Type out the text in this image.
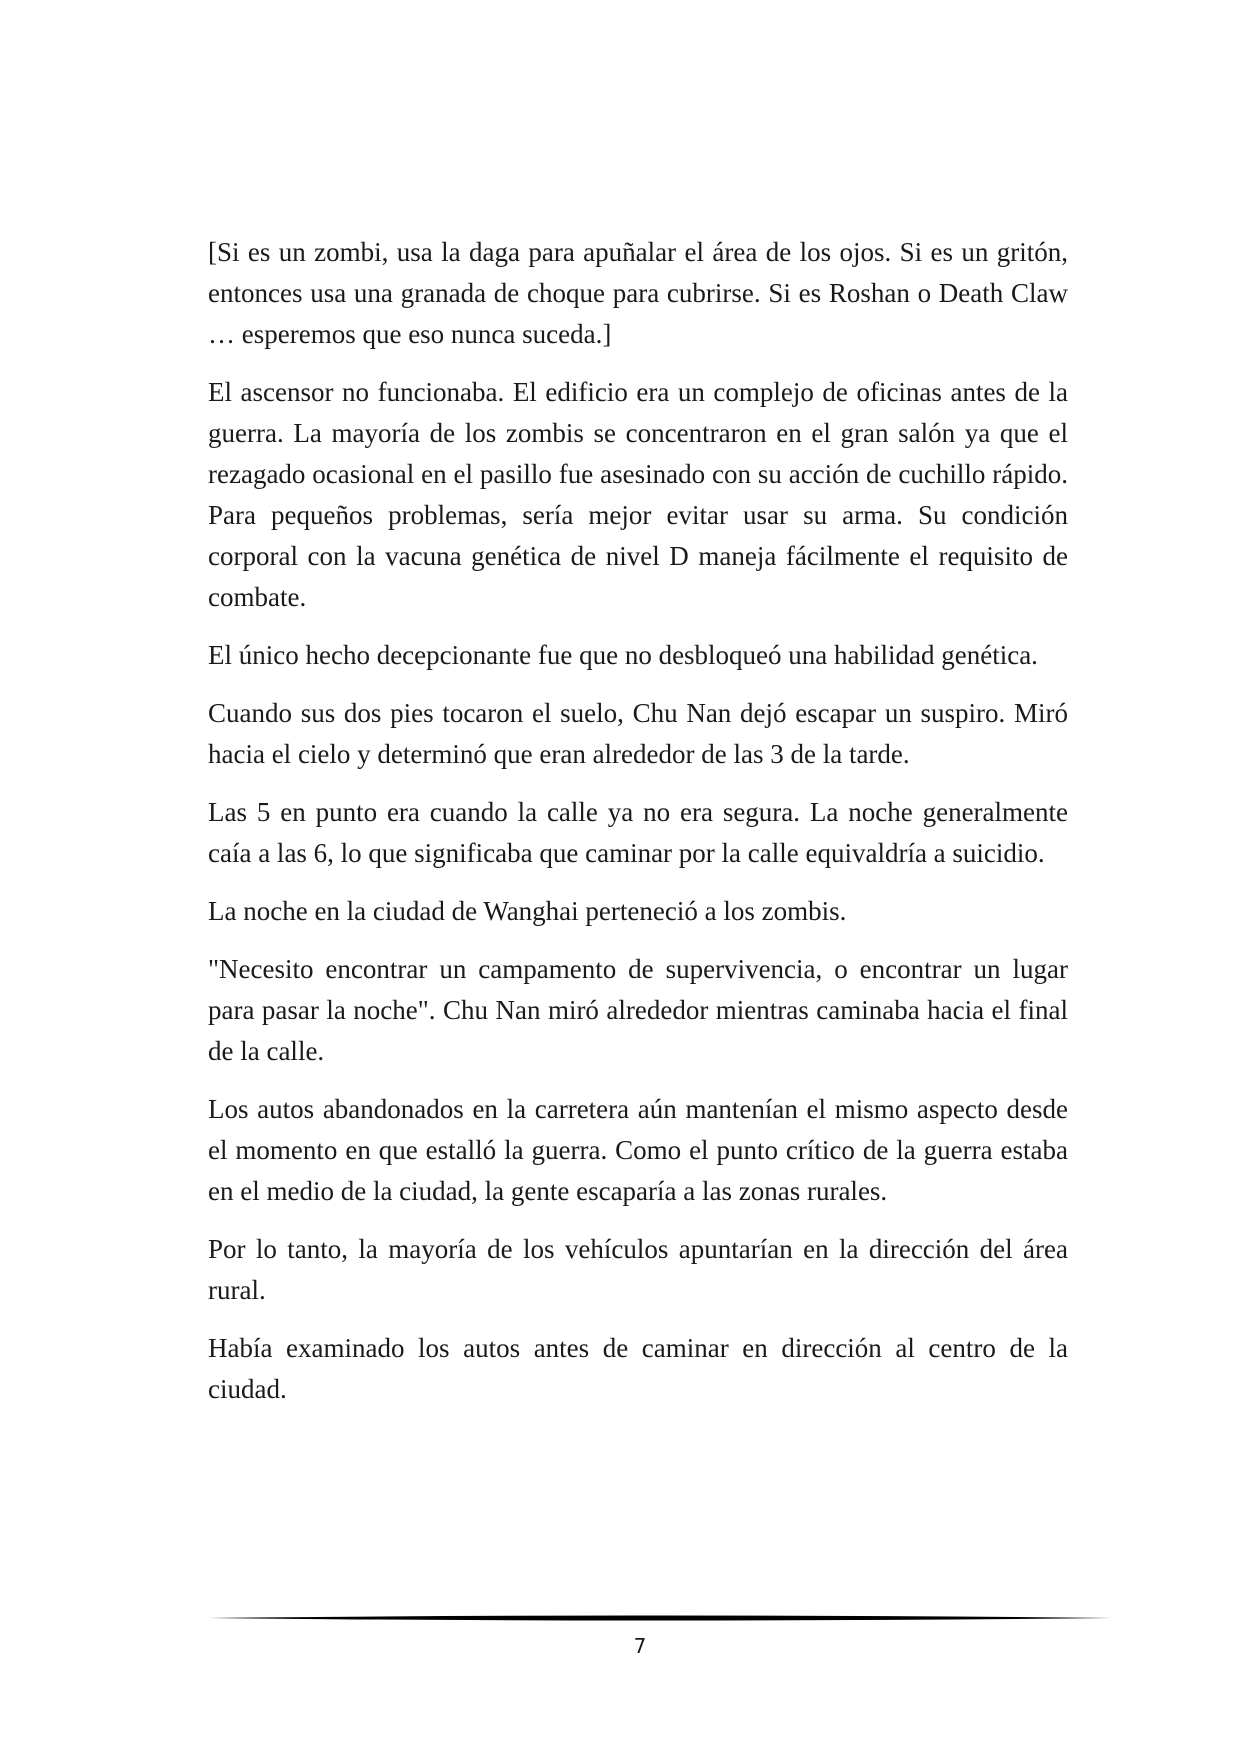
[Si es un zombi, usa la daga para apuñalar el área de los ojos. Si es un gritón, entonces usa una granada de choque para cubrirse. Si es Roshan o Death Claw … esperemos que eso nunca suceda.]

El ascensor no funcionaba. El edificio era un complejo de oficinas antes de la guerra. La mayoría de los zombis se concentraron en el gran salón ya que el rezagado ocasional en el pasillo fue asesinado con su acción de cuchillo rápido. Para pequeños problemas, sería mejor evitar usar su arma. Su condición corporal con la vacuna genética de nivel D maneja fácilmente el requisito de combate.

El único hecho decepcionante fue que no desbloqueó una habilidad genética.

Cuando sus dos pies tocaron el suelo, Chu Nan dejó escapar un suspiro. Miró hacia el cielo y determinó que eran alrededor de las 3 de la tarde.

Las 5 en punto era cuando la calle ya no era segura. La noche generalmente caía a las 6, lo que significaba que caminar por la calle equivaldría a suicidio.

La noche en la ciudad de Wanghai perteneció a los zombis.

"Necesito encontrar un campamento de supervivencia, o encontrar un lugar para pasar la noche". Chu Nan miró alrededor mientras caminaba hacia el final de la calle.

Los autos abandonados en la carretera aún mantenían el mismo aspecto desde el momento en que estalló la guerra. Como el punto crítico de la guerra estaba en el medio de la ciudad, la gente escaparía a las zonas rurales.

Por lo tanto, la mayoría de los vehículos apuntarían en la dirección del área rural.

Había examinado los autos antes de caminar en dirección al centro de la ciudad.

7
